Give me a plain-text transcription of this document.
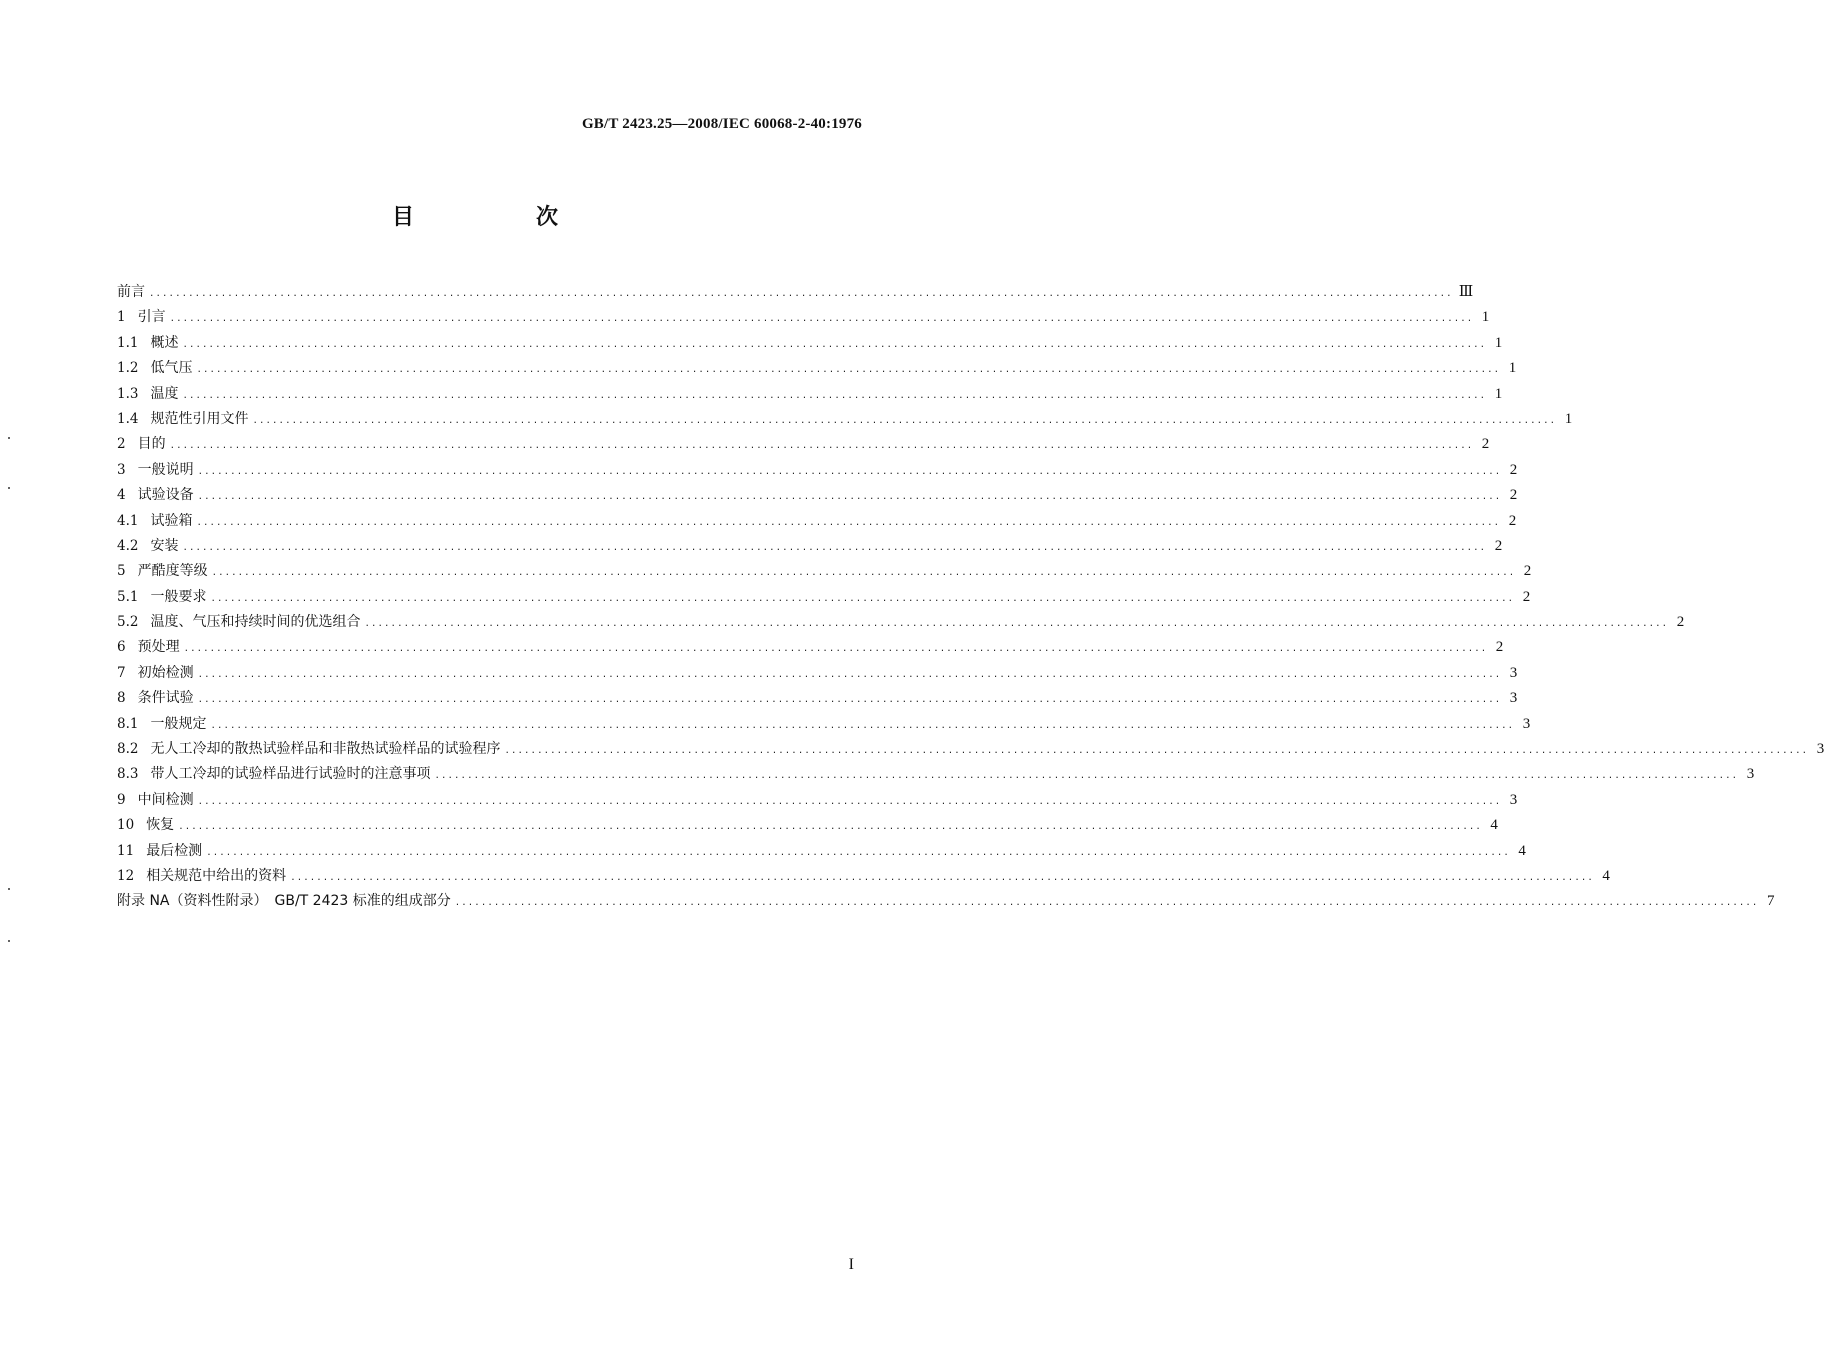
GB/T 2423.25—2008/IEC 60068-2-40:1976
目　次
前言 ........................................................................................................................................................................................................ Ⅲ
1 引言 ........................................................................................................................................................................................................ 1
1.1 概述 ........................................................................................................................................................................................................ 1
1.2 低气压 ........................................................................................................................................................................................................ 1
1.3 温度 ........................................................................................................................................................................................................ 1
1.4 规范性引用文件 ........................................................................................................................................................................................................ 1
2 目的 ........................................................................................................................................................................................................ 2
3 一般说明 ........................................................................................................................................................................................................ 2
4 试验设备 ........................................................................................................................................................................................................ 2
4.1 试验箱 ........................................................................................................................................................................................................ 2
4.2 安装 ........................................................................................................................................................................................................ 2
5 严酷度等级 ........................................................................................................................................................................................................ 2
5.1 一般要求 ........................................................................................................................................................................................................ 2
5.2 温度、气压和持续时间的优选组合 ........................................................................................................................................................................................................ 2
6 预处理 ........................................................................................................................................................................................................ 2
7 初始检测 ........................................................................................................................................................................................................ 3
8 条件试验 ........................................................................................................................................................................................................ 3
8.1 一般规定 ........................................................................................................................................................................................................ 3
8.2 无人工冷却的散热试验样品和非散热试验样品的试验程序 ........................................................................................................................................................................................................ 3
8.3 带人工冷却的试验样品进行试验时的注意事项 ........................................................................................................................................................................................................ 3
9 中间检测 ........................................................................................................................................................................................................ 3
10 恢复 ........................................................................................................................................................................................................ 4
11 最后检测 ........................................................................................................................................................................................................ 4
12 相关规范中给出的资料 ........................................................................................................................................................................................................ 4
附录 NA（资料性附录）　GB/T 2423 标准的组成部分 ........................................................................................................................................................................................................ 7
I
